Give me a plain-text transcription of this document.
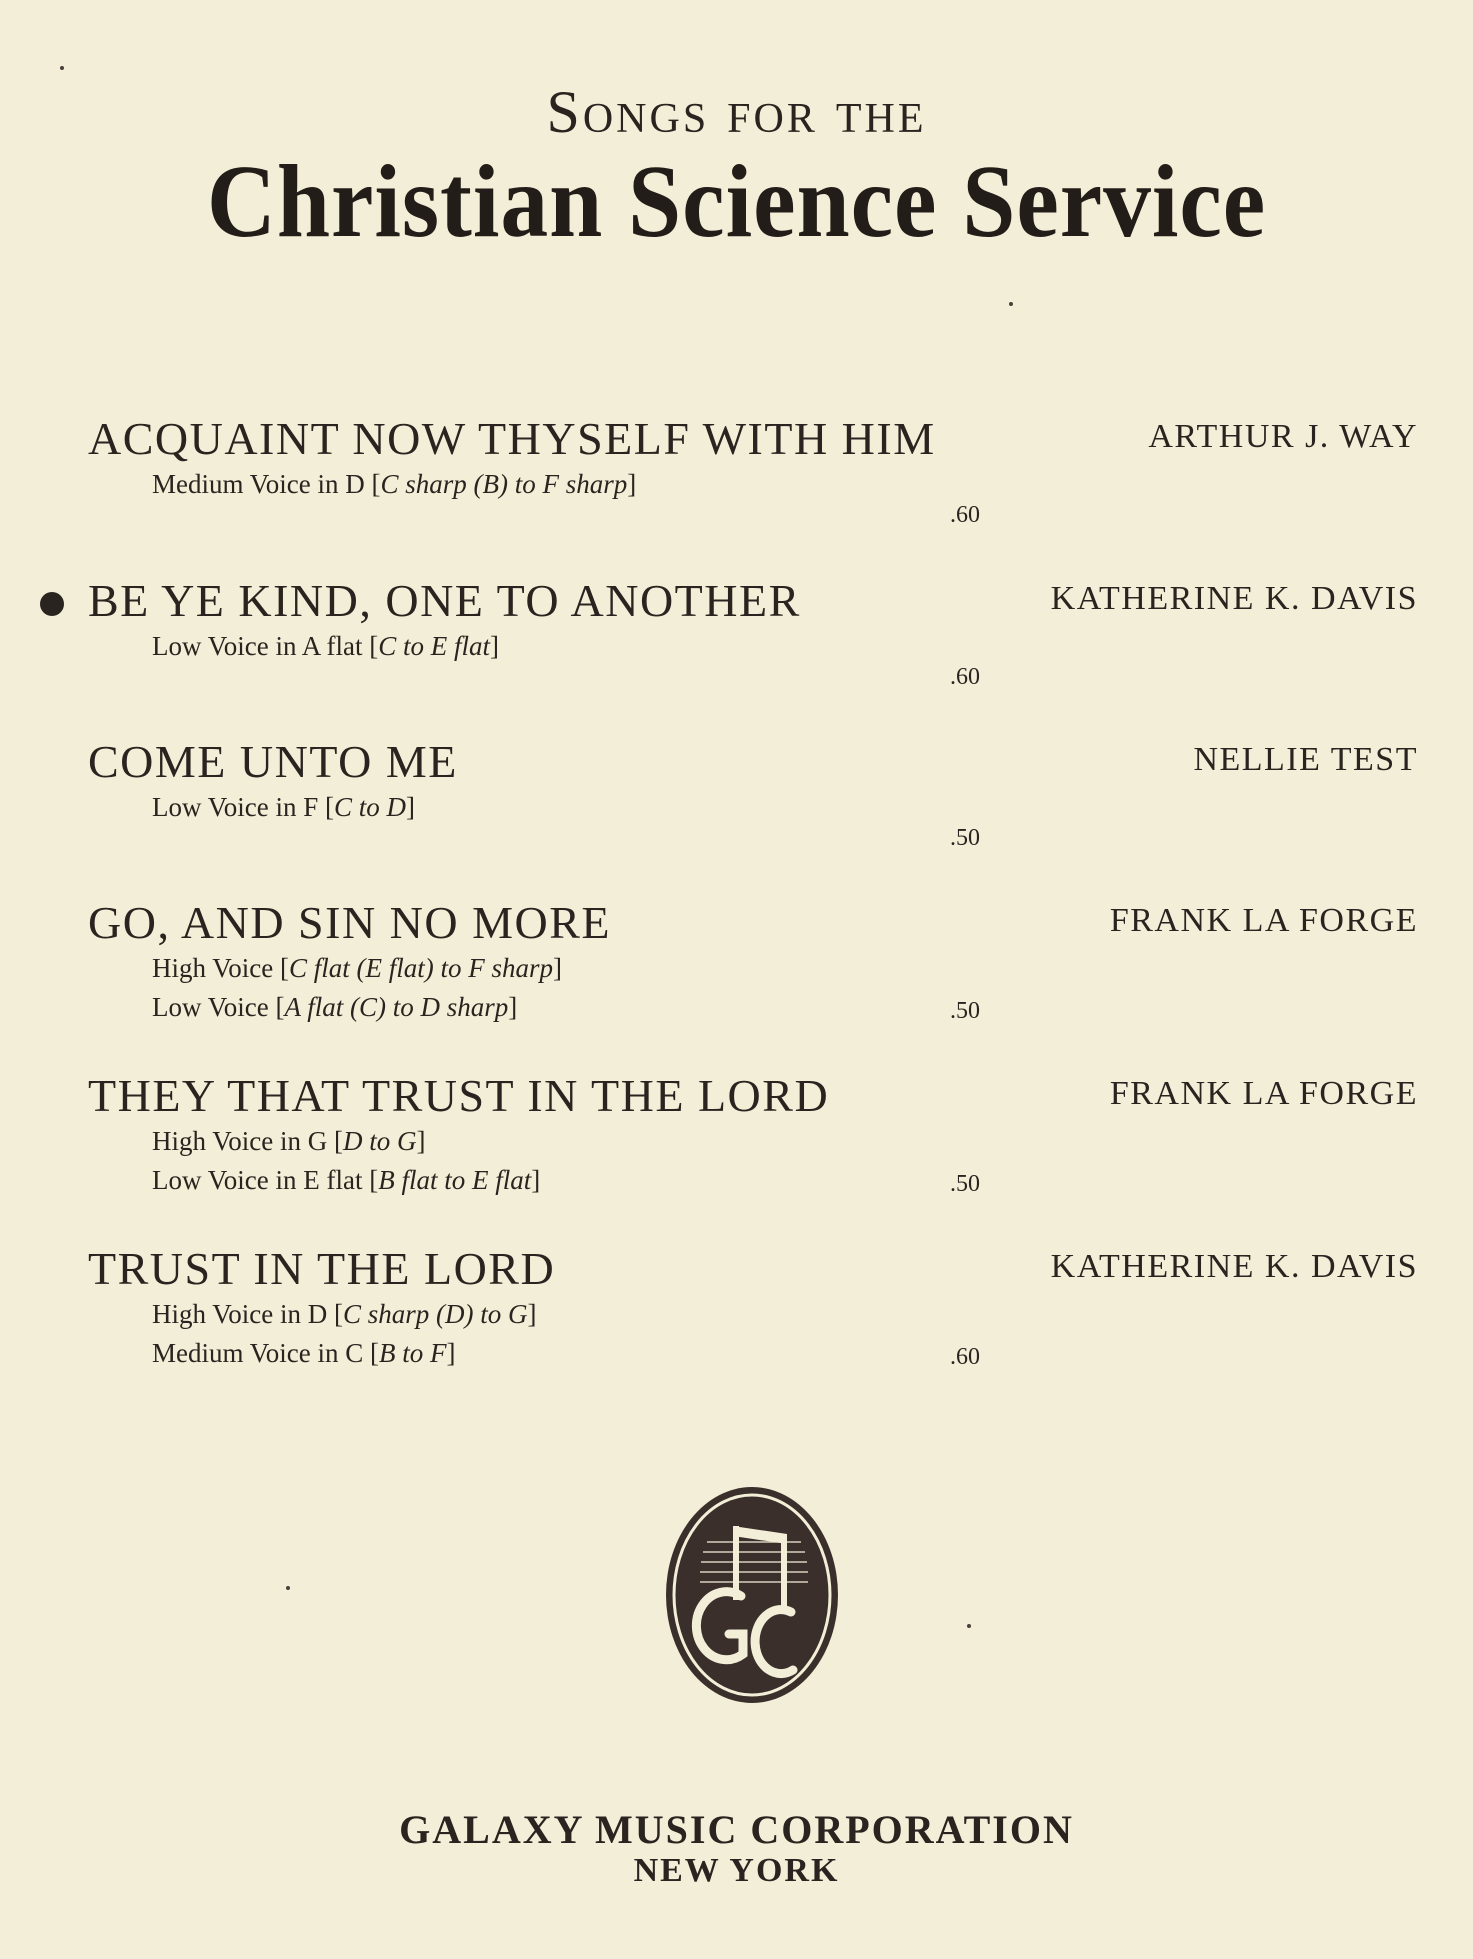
Songs for the
Christian Science Service
ACQUAINT NOW THYSELF WITH HIM	ARTHUR J. WAY
Medium Voice in D [C sharp (B) to F sharp]
.60
BE YE KIND, ONE TO ANOTHER	KATHERINE K. DAVIS
Low Voice in A flat [C to E flat]
.60
COME UNTO ME	NELLIE TEST
Low Voice in F [C to D]
.50
GO, AND SIN NO MORE	FRANK LA FORGE
High Voice [C flat (E flat) to F sharp]
Low Voice [A flat (C) to D sharp]	.50
THEY THAT TRUST IN THE LORD	FRANK LA FORGE
High Voice in G [D to G]
Low Voice in E flat [B flat to E flat]	.50
TRUST IN THE LORD	KATHERINE K. DAVIS
High Voice in D [C sharp (D) to G]
Medium Voice in C [B to F]	.60
GALAXY MUSIC CORPORATION
NEW YORK
